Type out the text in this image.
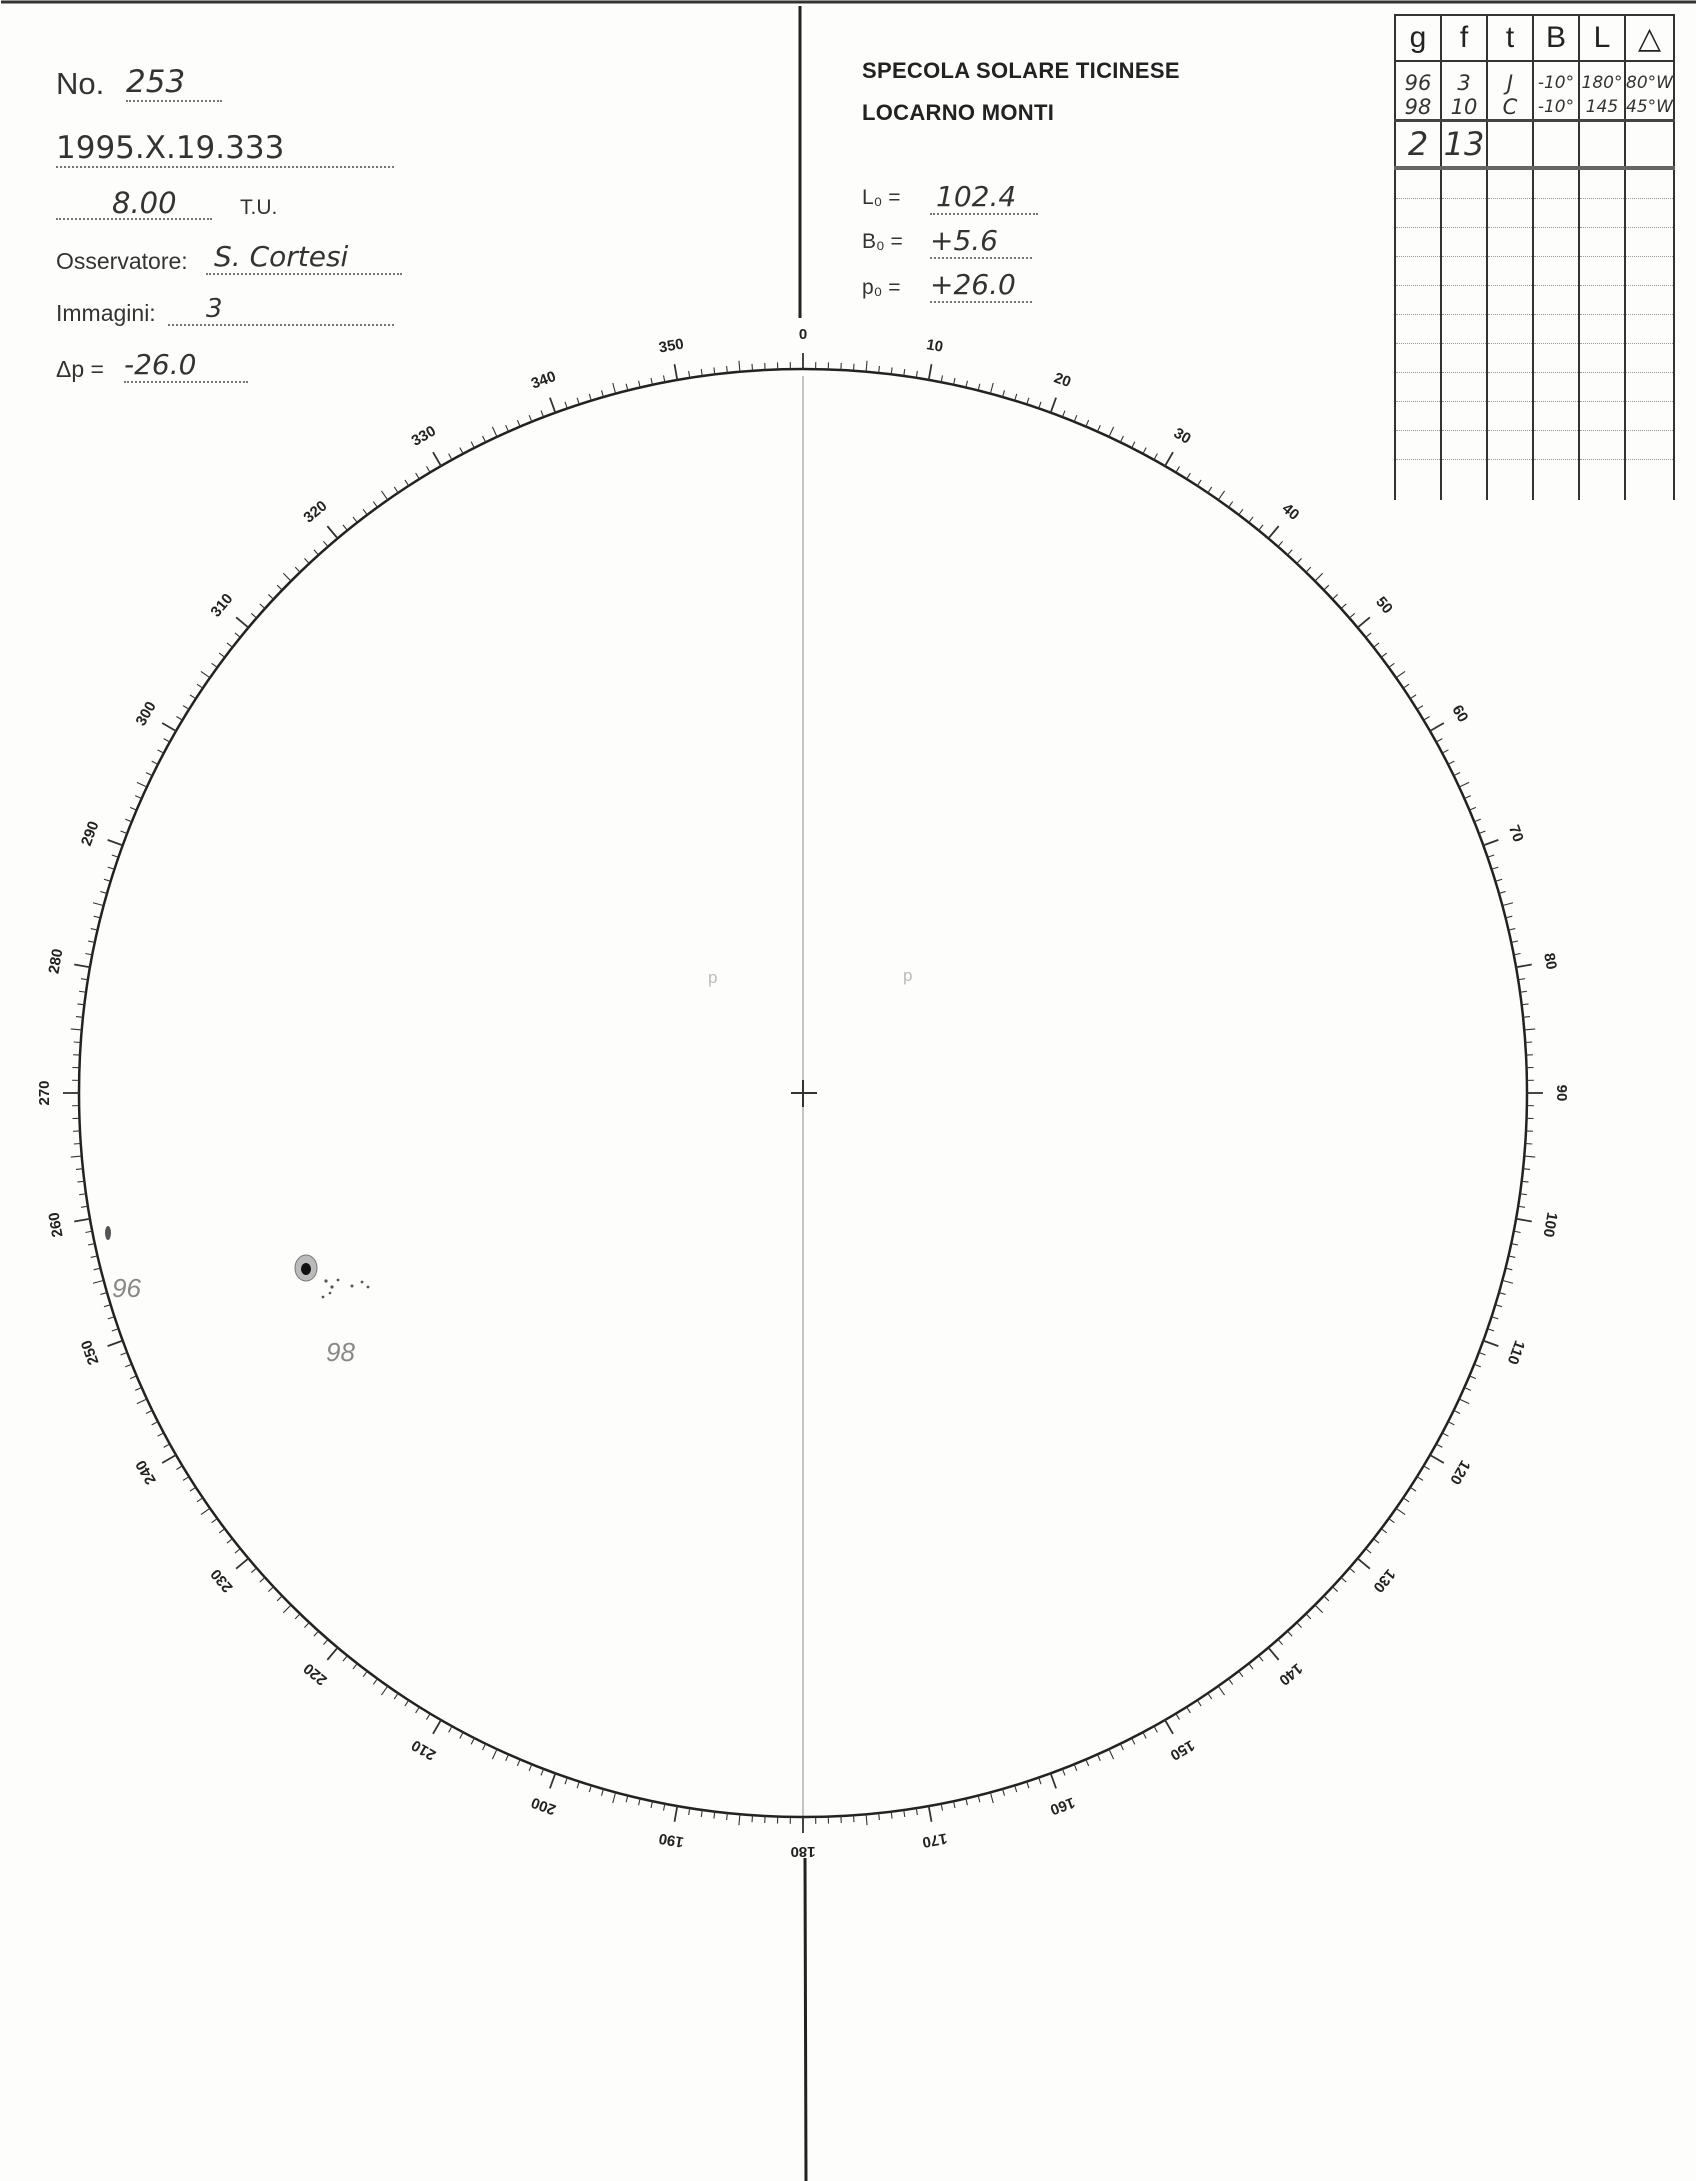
No. 253
1995.X.19.333
8.00	T.U.
Osservatore: S. Cortesi
Immagini:	3
Δp = -26.0
SPECOLA SOLARE TICINESE
LOCARNO MONTI
L₀ = 102.4
B₀ = +5.6
p₀ = +26.0
g	f	t	B	L	△

96	3	J	-10°	180°	80°W
98	10	C	-10°	145	45°W
2	13				

0
10
20
30
40
50
60
70
80
90
100
110
120
130
140
150
160
170
180
190
200
210
220
230
240
250
260
270
280
290
300
310
320
330
340
350
96
98
p	p
